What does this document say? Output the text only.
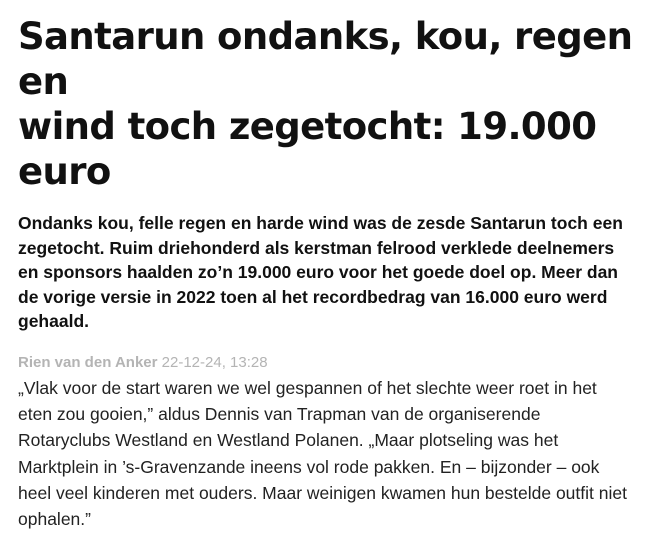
Santarun ondanks, kou, regen en
wind toch zegetocht: 19.000 euro

Ondanks kou, felle regen en harde wind was de zesde Santarun toch een
zegetocht. Ruim driehonderd als kerstman felrood verklede deelnemers
en sponsors haalden zo’n 19.000 euro voor het goede doel op. Meer dan
de vorige versie in 2022 toen al het recordbedrag van 16.000 euro werd
gehaald.

Rien van den Anker 22-12-24, 13:28

„Vlak voor de start waren we wel gespannen of het slechte weer roet in het
eten zou gooien,” aldus Dennis van Trapman van de organiserende
Rotaryclubs Westland en Westland Polanen. „Maar plotseling was het
Marktplein in ’s-Gravenzande ineens vol rode pakken. En – bijzonder – ook
heel veel kinderen met ouders. Maar weinigen kwamen hun bestelde outfit niet
ophalen.”
